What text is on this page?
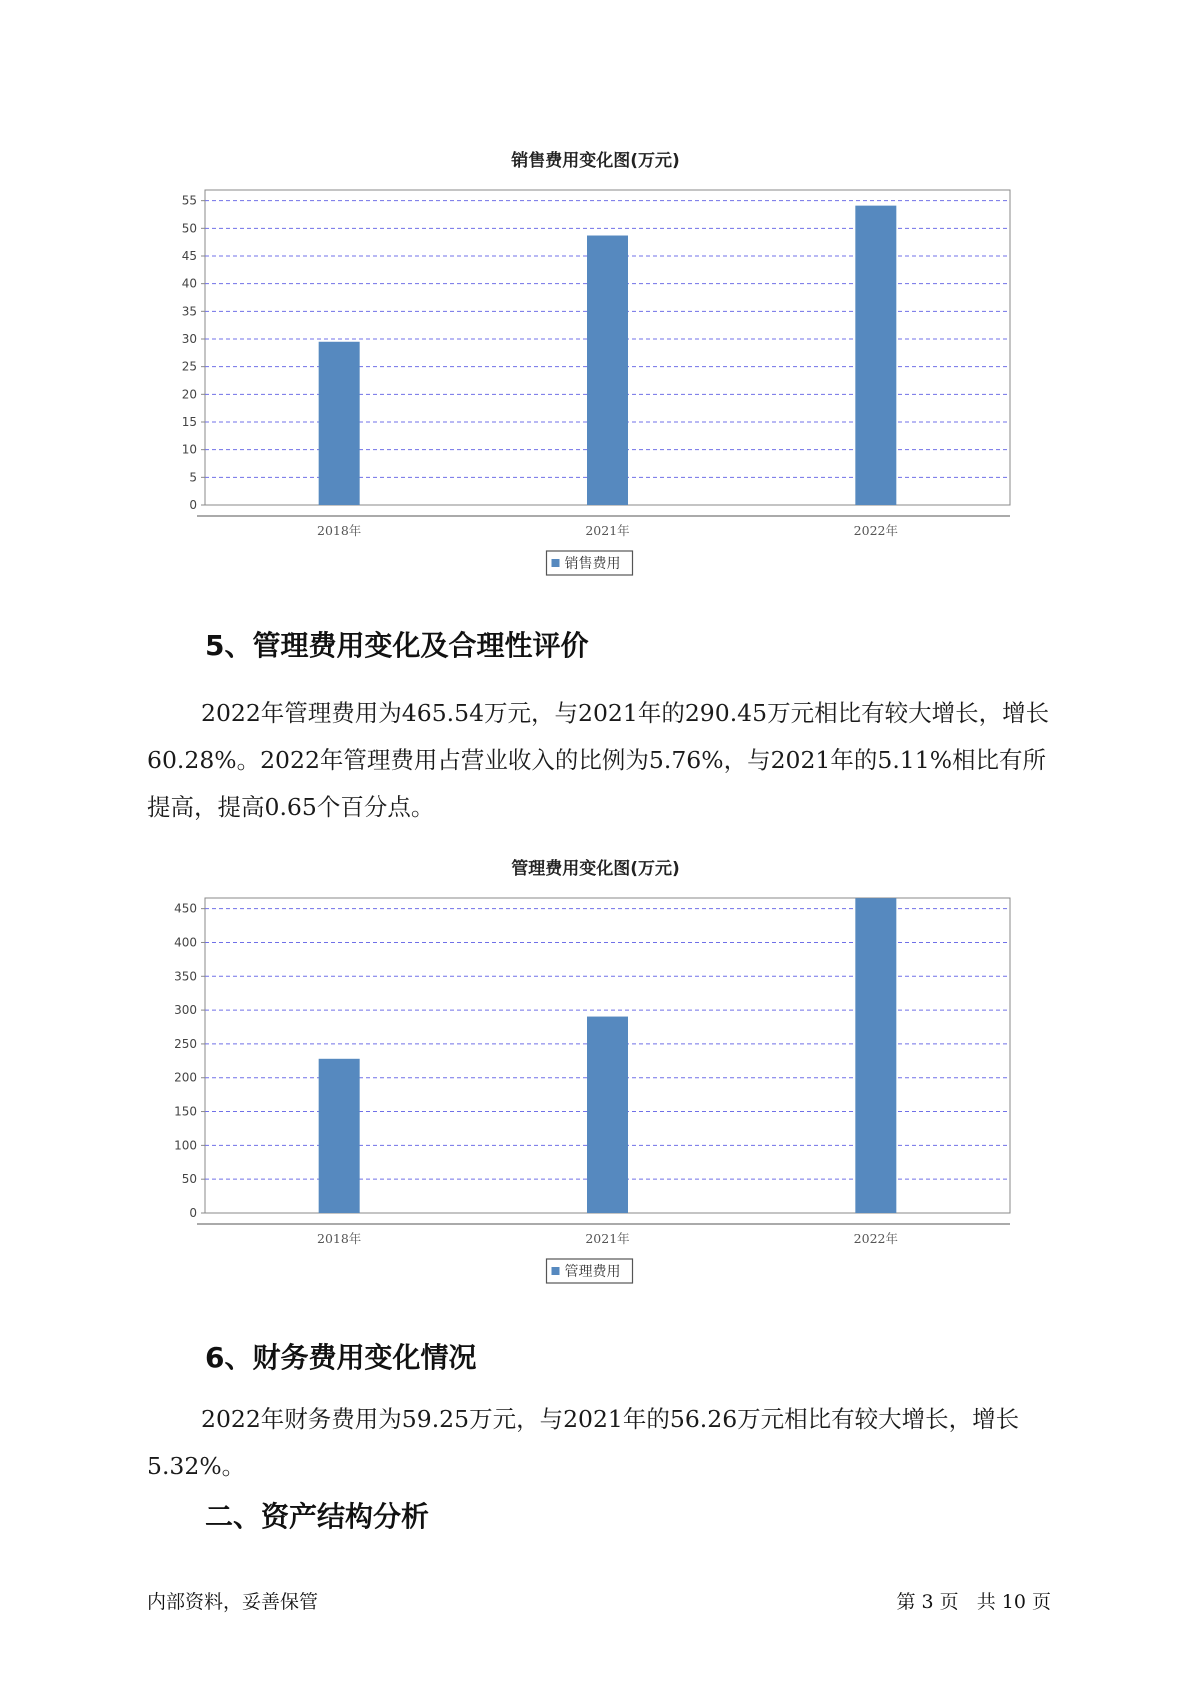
销售费用变化图(万元)
0
5
10
15
20
25
30
35
40
45
50
55
2018年	2021年	2022年
销售费用
5、管理费用变化及合理性评价

2022年管理费用为465.54万元，与2021年的290.45万元相比有较大增长，增长60.28%。2022年管理费用占营业收入的比例为5.76%，与2021年的5.11%相比有所提高，提高0.65个百分点。

管理费用变化图(万元)
0
50
100
150
200
250
300
350
400
450
2018年	2021年	2022年
管理费用
6、财务费用变化情况

2022年财务费用为59.25万元，与2021年的56.26万元相比有较大增长，增长5.32%。

二、资产结构分析
内部资料，妥善保管	第 3 页   共 10 页
